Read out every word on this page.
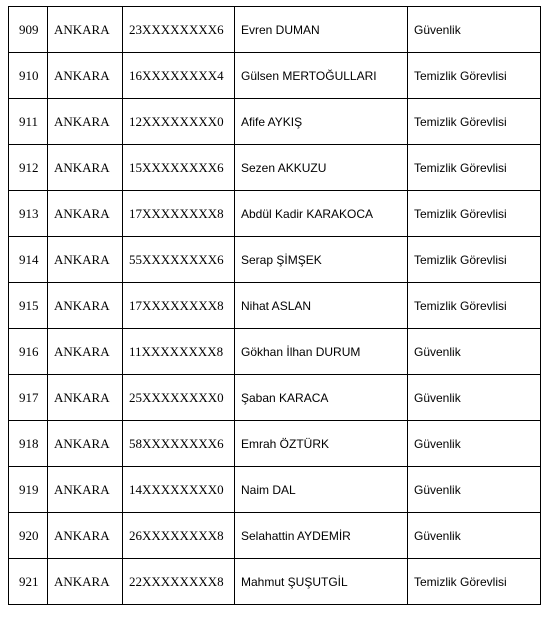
909	ANKARA	23XXXXXXXX6	Evren DUMAN	Güvenlik
910	ANKARA	16XXXXXXXX4	Gülsen MERTOĞULLARI	Temizlik Görevlisi
911	ANKARA	12XXXXXXXX0	Afife AYKIŞ	Temizlik Görevlisi
912	ANKARA	15XXXXXXXX6	Sezen AKKUZU	Temizlik Görevlisi
913	ANKARA	17XXXXXXXX8	Abdül Kadir KARAKOCA	Temizlik Görevlisi
914	ANKARA	55XXXXXXXX6	Serap ŞİMŞEK	Temizlik Görevlisi
915	ANKARA	17XXXXXXXX8	Nihat ASLAN	Temizlik Görevlisi
916	ANKARA	11XXXXXXXX8	Gökhan İlhan DURUM	Güvenlik
917	ANKARA	25XXXXXXXX0	Şaban KARACA	Güvenlik
918	ANKARA	58XXXXXXXX6	Emrah ÖZTÜRK	Güvenlik
919	ANKARA	14XXXXXXXX0	Naim DAL	Güvenlik
920	ANKARA	26XXXXXXXX8	Selahattin AYDEMİR	Güvenlik
921	ANKARA	22XXXXXXXX8	Mahmut ŞUŞUTGİL	Temizlik Görevlisi
